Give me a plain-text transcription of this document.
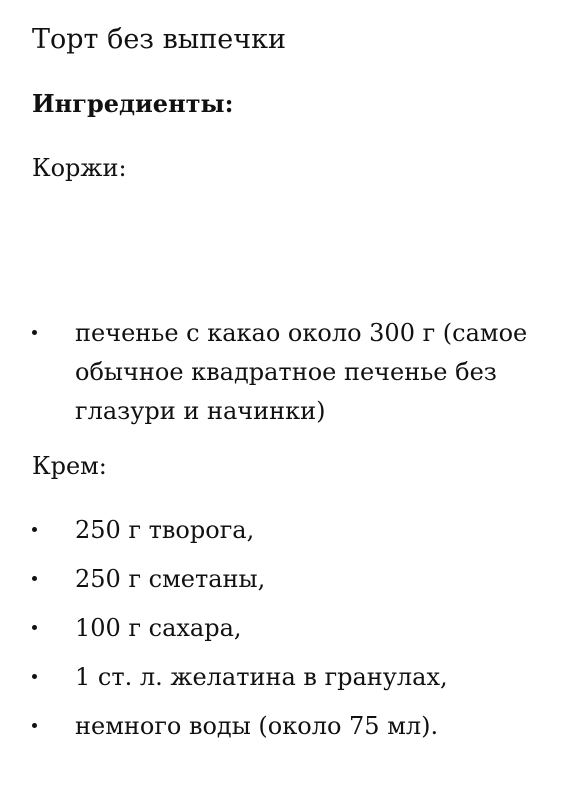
Торт без выпечки
Ингредиенты:

Коржи:

печенье с какао около 300 г (самое обычное квадратное печенье без глазури и начинки)

Крем:

250 г творога,
250 г сметаны,
100 г сахара,
1 ст. л. желатина в гранулах,
немного воды (около 75 мл).
